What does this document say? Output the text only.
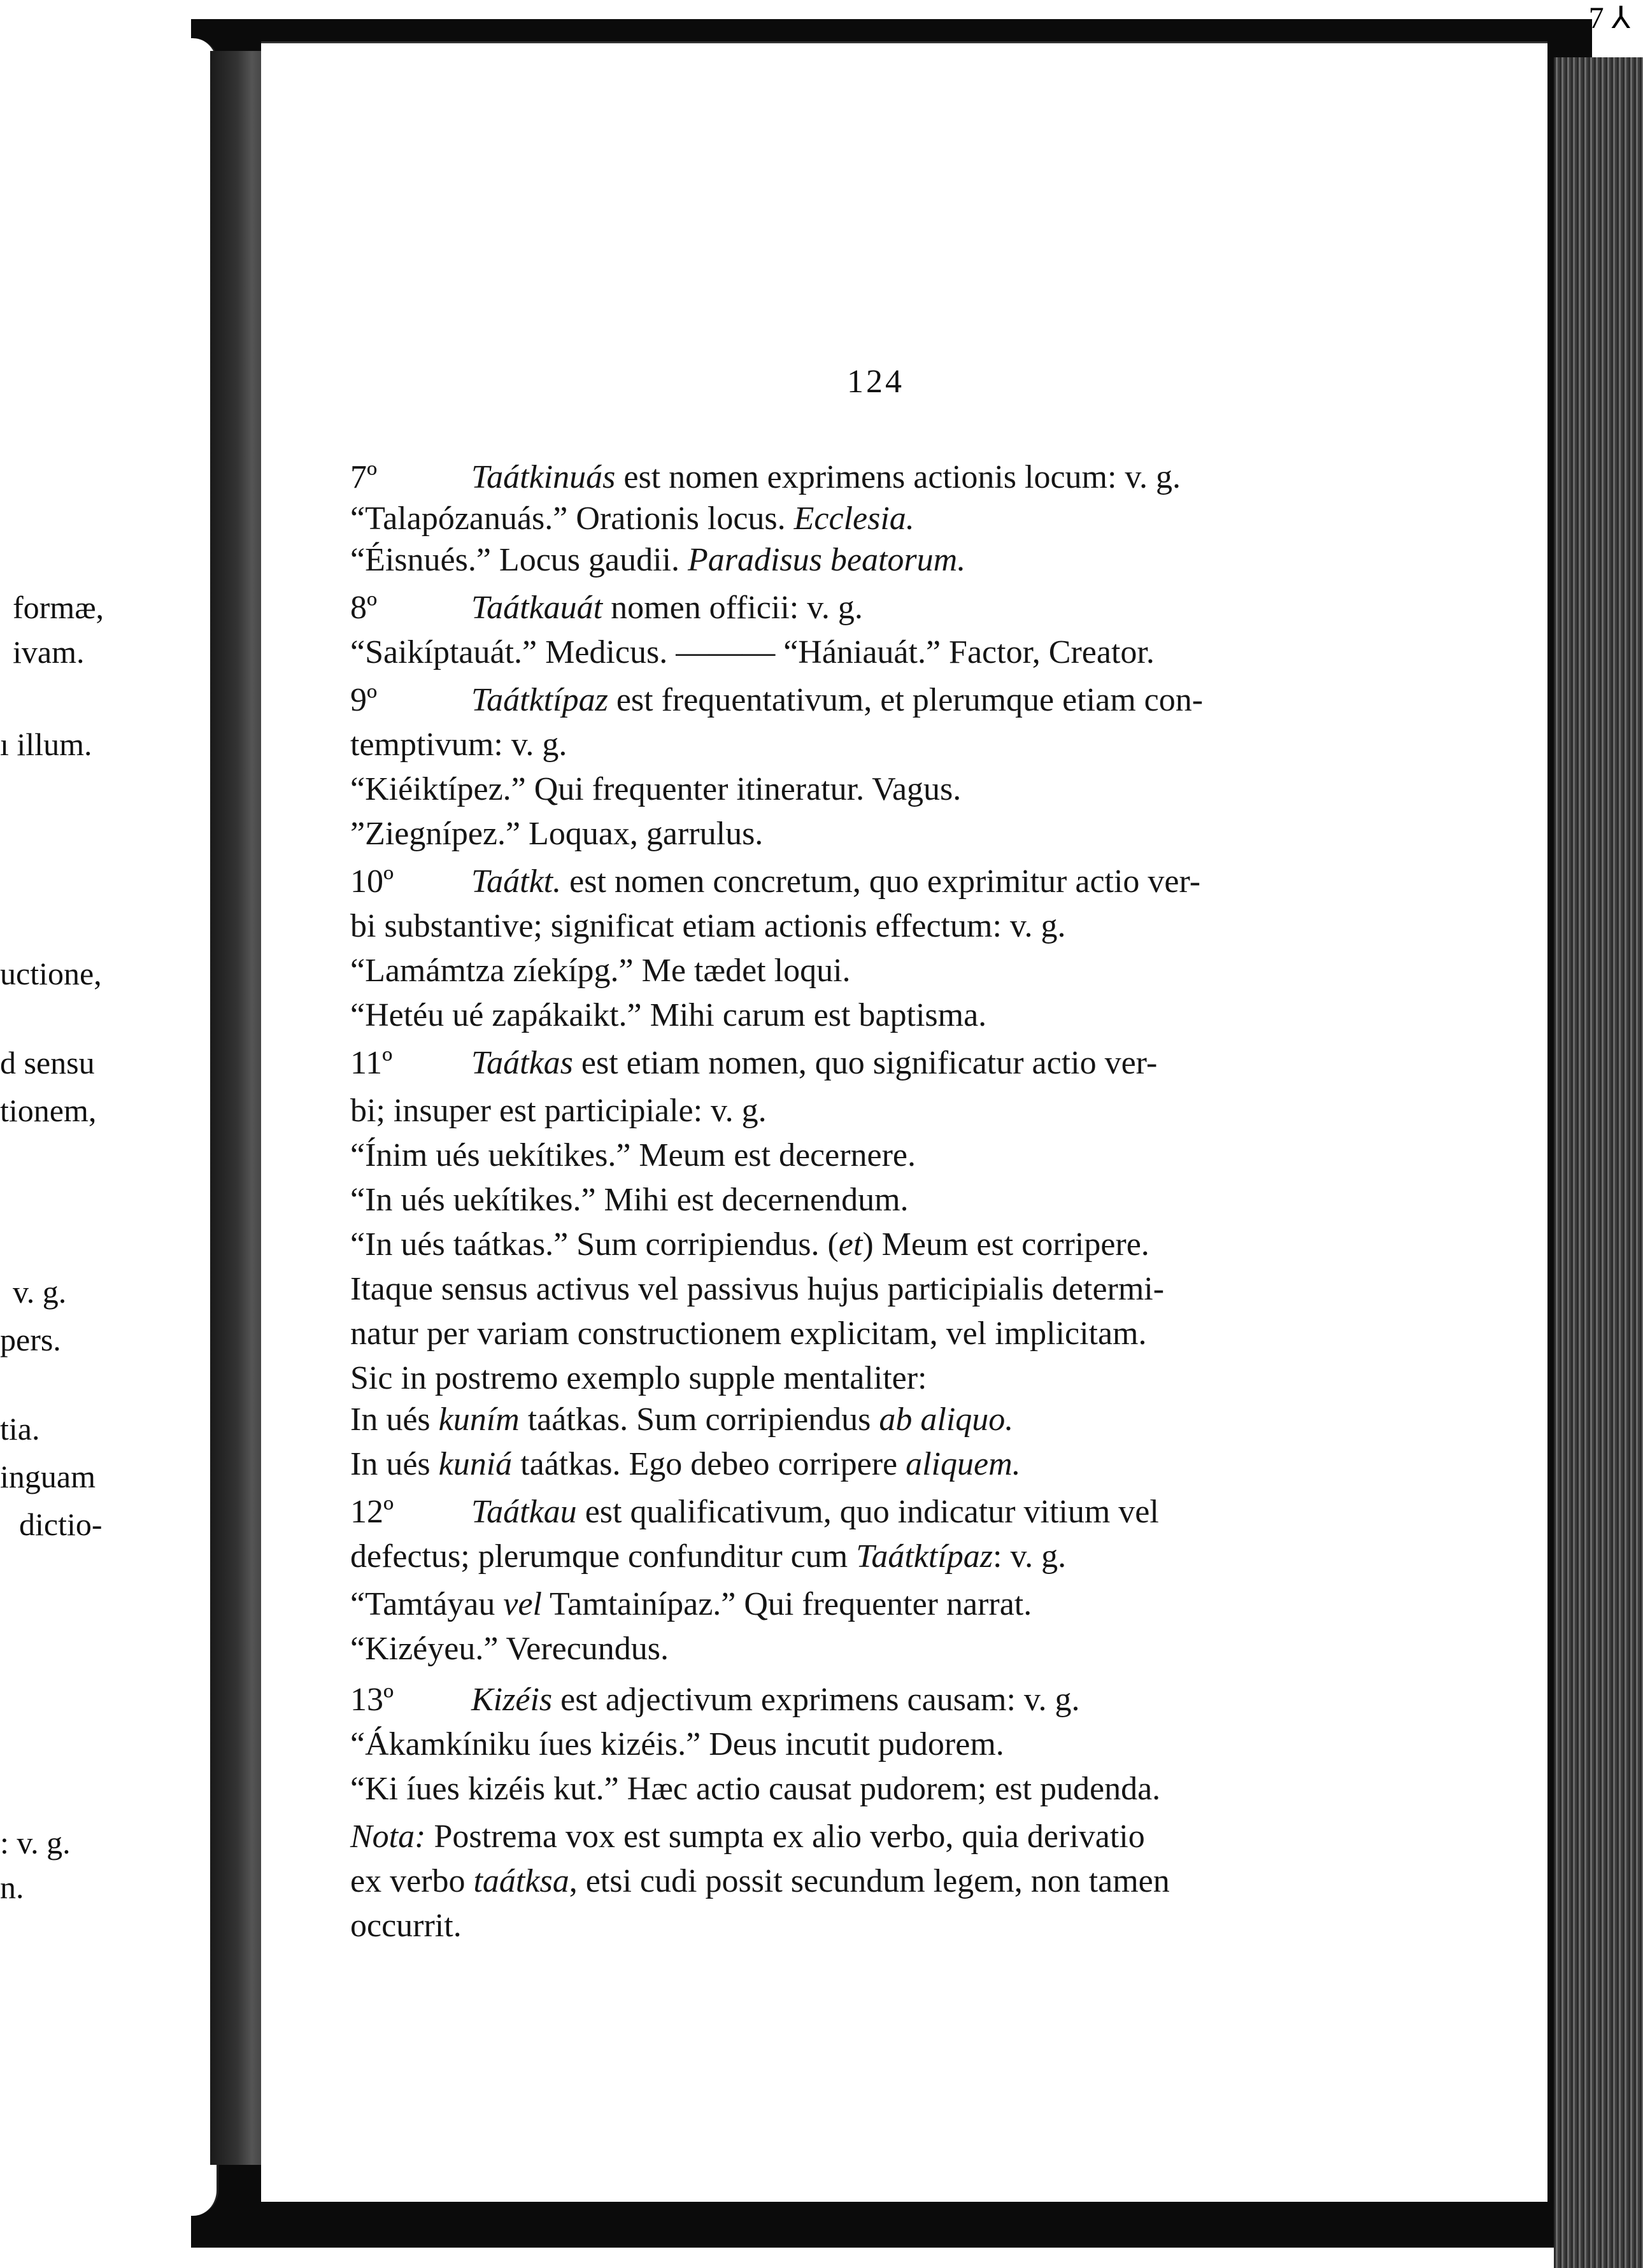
7 ⅄
formæ,
ivam.
ı illum.
uctione,
d sensu
tionem,
v. g.
pers.
tia.
inguam
dictio-
: v. g.
n.
124
7º	Taátkinuás est nomen exprimens actionis locum: v. g.
“Talapózanuás.” Orationis locus. Ecclesia.
“Éisnués.” Locus gaudii. Paradisus beatorum.
8º	Taátkauát nomen officii: v. g.
“Saikíptauát.” Medicus. ——— “Hániauát.” Factor, Creator.
9º	Taátktípaz est frequentativum, et plerumque etiam con-
temptivum: v. g.
“Kiéiktípez.” Qui frequenter itineratur. Vagus.
”Ziegnípez.” Loquax, garrulus.
10º Taátkt. est nomen concretum, quo exprimitur actio ver-
bi substantive; significat etiam actionis effectum: v. g.
“Lamámtza zíekípg.” Me tædet loqui.
“Hetéu ué zapákaikt.” Mihi carum est baptisma.
11º Taátkas est etiam nomen, quo significatur actio ver-
bi; insuper est participiale: v. g.
“Ínim ués uekítikes.” Meum est decernere.
“In ués uekítikes.” Mihi est decernendum.
“In ués taátkas.” Sum corripiendus. (et) Meum est corripere.
Itaque sensus activus vel passivus hujus participialis determi-
natur per variam constructionem explicitam, vel implicitam.
Sic in postremo exemplo supple mentaliter:
In ués kuním taátkas. Sum corripiendus ab aliquo.
In ués kuniá taátkas. Ego debeo corripere aliquem.
12º Taátkau est qualificativum, quo indicatur vitium vel
defectus; plerumque confunditur cum Taátktípaz: v. g.
“Tamtáyau vel Tamtainípaz.” Qui frequenter narrat.
“Kizéyeu.” Verecundus.
13º Kizéis est adjectivum exprimens causam: v. g.
“Ákamkíniku íues kizéis.” Deus incutit pudorem.
“Ki íues kizéis kut.” Hæc actio causat pudorem; est pudenda.
Nota: Postrema vox est sumpta ex alio verbo, quia derivatio
ex verbo taátksa, etsi cudi possit secundum legem, non tamen
occurrit.
